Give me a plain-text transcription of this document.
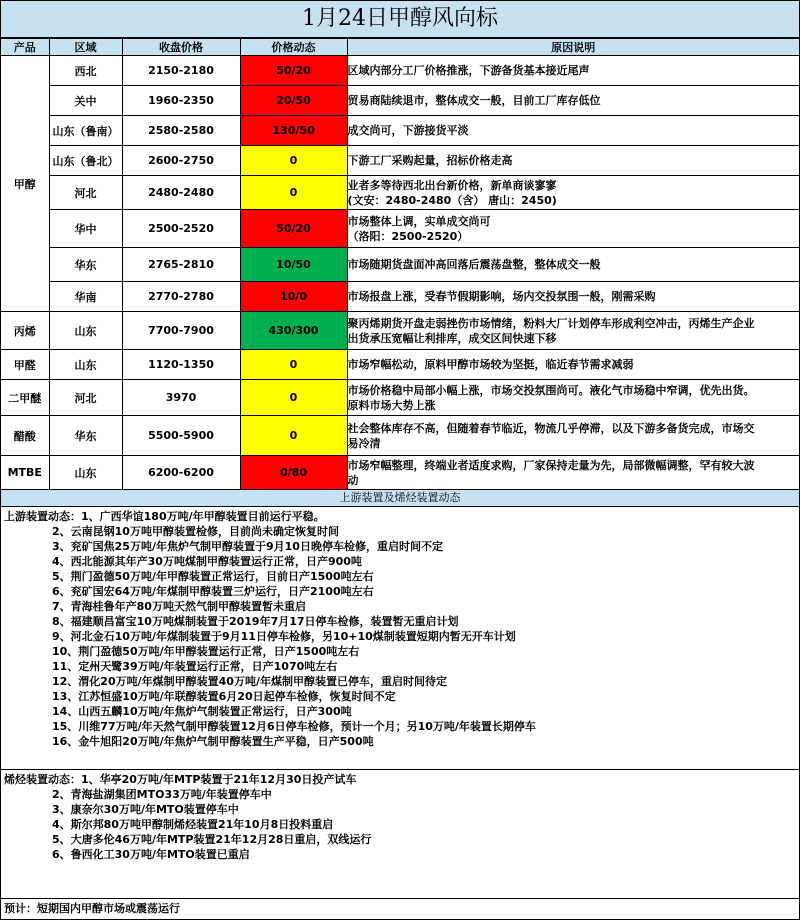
1月24日甲醇风向标
产品	区域	收盘价格	价格动态	原因说明
甲醇	西北	2150-2180	50/20	区域内部分工厂价格推涨，下游备货基本接近尾声

	关中	1960-2350	20/50	贸易商陆续退市，整体成交一般，目前工厂库存低位

	山东（鲁南）	2580-2580	130/50	成交尚可，下游接货平淡

	山东（鲁北）	2600-2750	0	下游工厂采购起量，招标价格走高

	河北	2480-2480	0	业者多等待西北出台新价格，新单商谈寥寥
(文安：2480-2480（含） 唐山：2450)

	华中	2500-2520	50/20	市场整体上调，实单成交尚可
（洛阳：2500-2520）

	华东	2765-2810	10/50	市场随期货盘面冲高回落后震荡盘整，整体成交一般

	华南	2770-2780	10/0	市场报盘上涨，受春节假期影响，场内交投氛围一般，刚需采购

丙烯	山东	7700-7900	430/300	聚丙烯期货开盘走弱挫伤市场情绪，粉料大厂计划停车形成利空冲击，丙烯生产企业
出货承压宽幅让利排库，成交区间快速下移

甲醛	山东	1120-1350	0	市场窄幅松动，原料甲醇市场较为坚挺，临近春节需求减弱

二甲醚	河北	3970	0	市场价格稳中局部小幅上涨，市场交投氛围尚可。液化气市场稳中窄调，优先出货。
原料市场大势上涨

醋酸	华东	5500-5900	0	社会整体库存不高，但随着春节临近，物流几乎停滞，以及下游多备货完成，市场交
易冷清

MTBE	山东	6200-6200	0/80	市场窄幅整理，终端业者适度求购，厂家保持走量为先，局部微幅调整，罕有较大波
动
上游装置及烯烃装置动态
上游装置动态：1、广西华谊180万吨/年甲醇装置目前运行平稳。
2、云南昆钢10万吨甲醇装置检修，目前尚未确定恢复时间
3、兖矿国焦25万吨/年焦炉气制甲醇装置于9月10日晚停车检修，重启时间不定
4、西北能源其年产30万吨煤制甲醇装置运行正常，日产900吨
5、荆门盈德50万吨/年甲醇装置正常运行，目前日产1500吨左右
6、兖矿国宏64万吨/年煤制甲醇装置三炉运行，日产2100吨左右
7、青海桂鲁年产80万吨天然气制甲醇装置暂未重启
8、福建顺昌富宝10万吨煤制装置于2019年7月17日停车检修，装置暂无重启计划
9、河北金石10万吨/年煤制装置于9月11日停车检修，另10+10煤制装置短期内暂无开车计划
10、荆门盈德50万吨/年甲醇装置运行正常，日产1500吨左右
11、定州天鹭39万吨/年装置运行正常，日产1070吨左右
12、渭化20万吨/年煤制甲醇装置40万吨/年煤制甲醇装置已停车，重启时间待定
13、江苏恒盛10万吨/年联醇装置6月20日起停车检修，恢复时间不定
14、山西五麟10万吨/年焦炉气制装置正常运行，日产300吨
15、川维77万吨/年天然气制甲醇装置12月6日停车检修，预计一个月；另10万吨/年装置长期停车
16、金牛旭阳20万吨/年焦炉气制甲醇装置生产平稳，日产500吨
烯烃装置动态：1、华亭20万吨/年MTP装置于21年12月30日投产试车
2、青海盐湖集团MTO33万吨/年装置停车中
3、康奈尔30万吨/年MTO装置停车中
4、斯尔邦80万吨甲醇制烯烃装置21年10月8日投料重启
5、大唐多伦46万吨/年MTP装置21年12月28日重启，双线运行
6、鲁西化工30万吨/年MTO装置已重启
预计：短期国内甲醇市场或震荡运行
